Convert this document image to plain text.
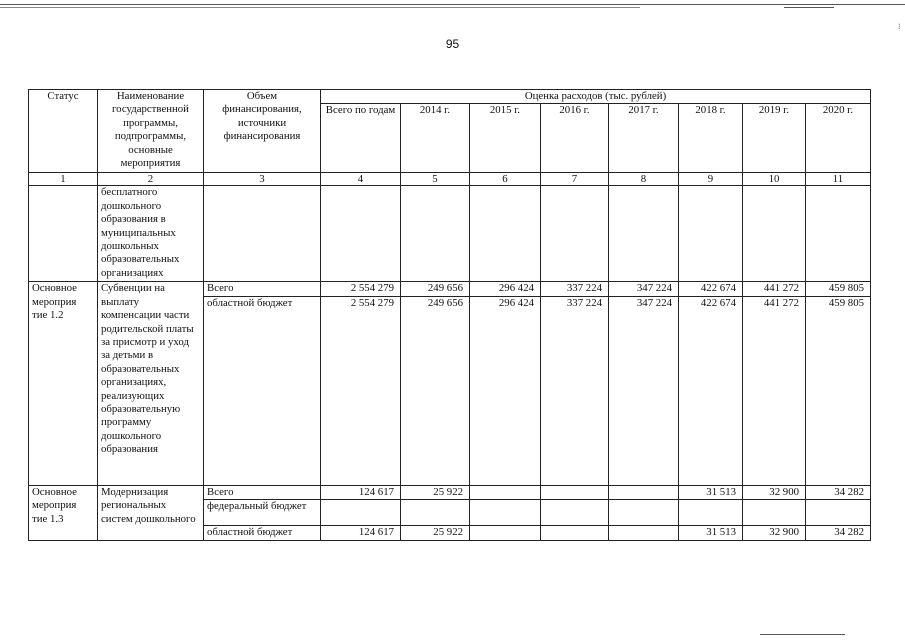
⁝
95
Статус	Наименование государственной программы, подпрограммы, основные мероприятия	Объем финансирования, источники финансирования	Оценка расходов (тыс. рублей)							
			Всего по годам	2014 г.	2015 г.	2016 г.	2017 г.	2018 г.	2019 г.	2020 г.
1	2	3	4	5	6	7	8	9	10	11
	бесплатного дошкольного образования в муниципальных дошкольных образовательных организациях									
Основное мероприя тие 1.2	Субвенции на выплату компенсации части родительской платы за присмотр и уход за детьми в образовательных организациях, реализующих образовательную программу дошкольного образования	Всего	2 554 279	249 656	296 424	337 224	347 224	422 674	441 272	459 805
		областной бюджет	2 554 279	249 656	296 424	337 224	347 224	422 674	441 272	459 805
Основное мероприя тие 1.3	Модернизация региональных систем дошкольного	Всего	124 617	25 922				31 513	32 900	34 282
		федеральный бюджет								
		областной бюджет	124 617	25 922				31 513	32 900	34 282
